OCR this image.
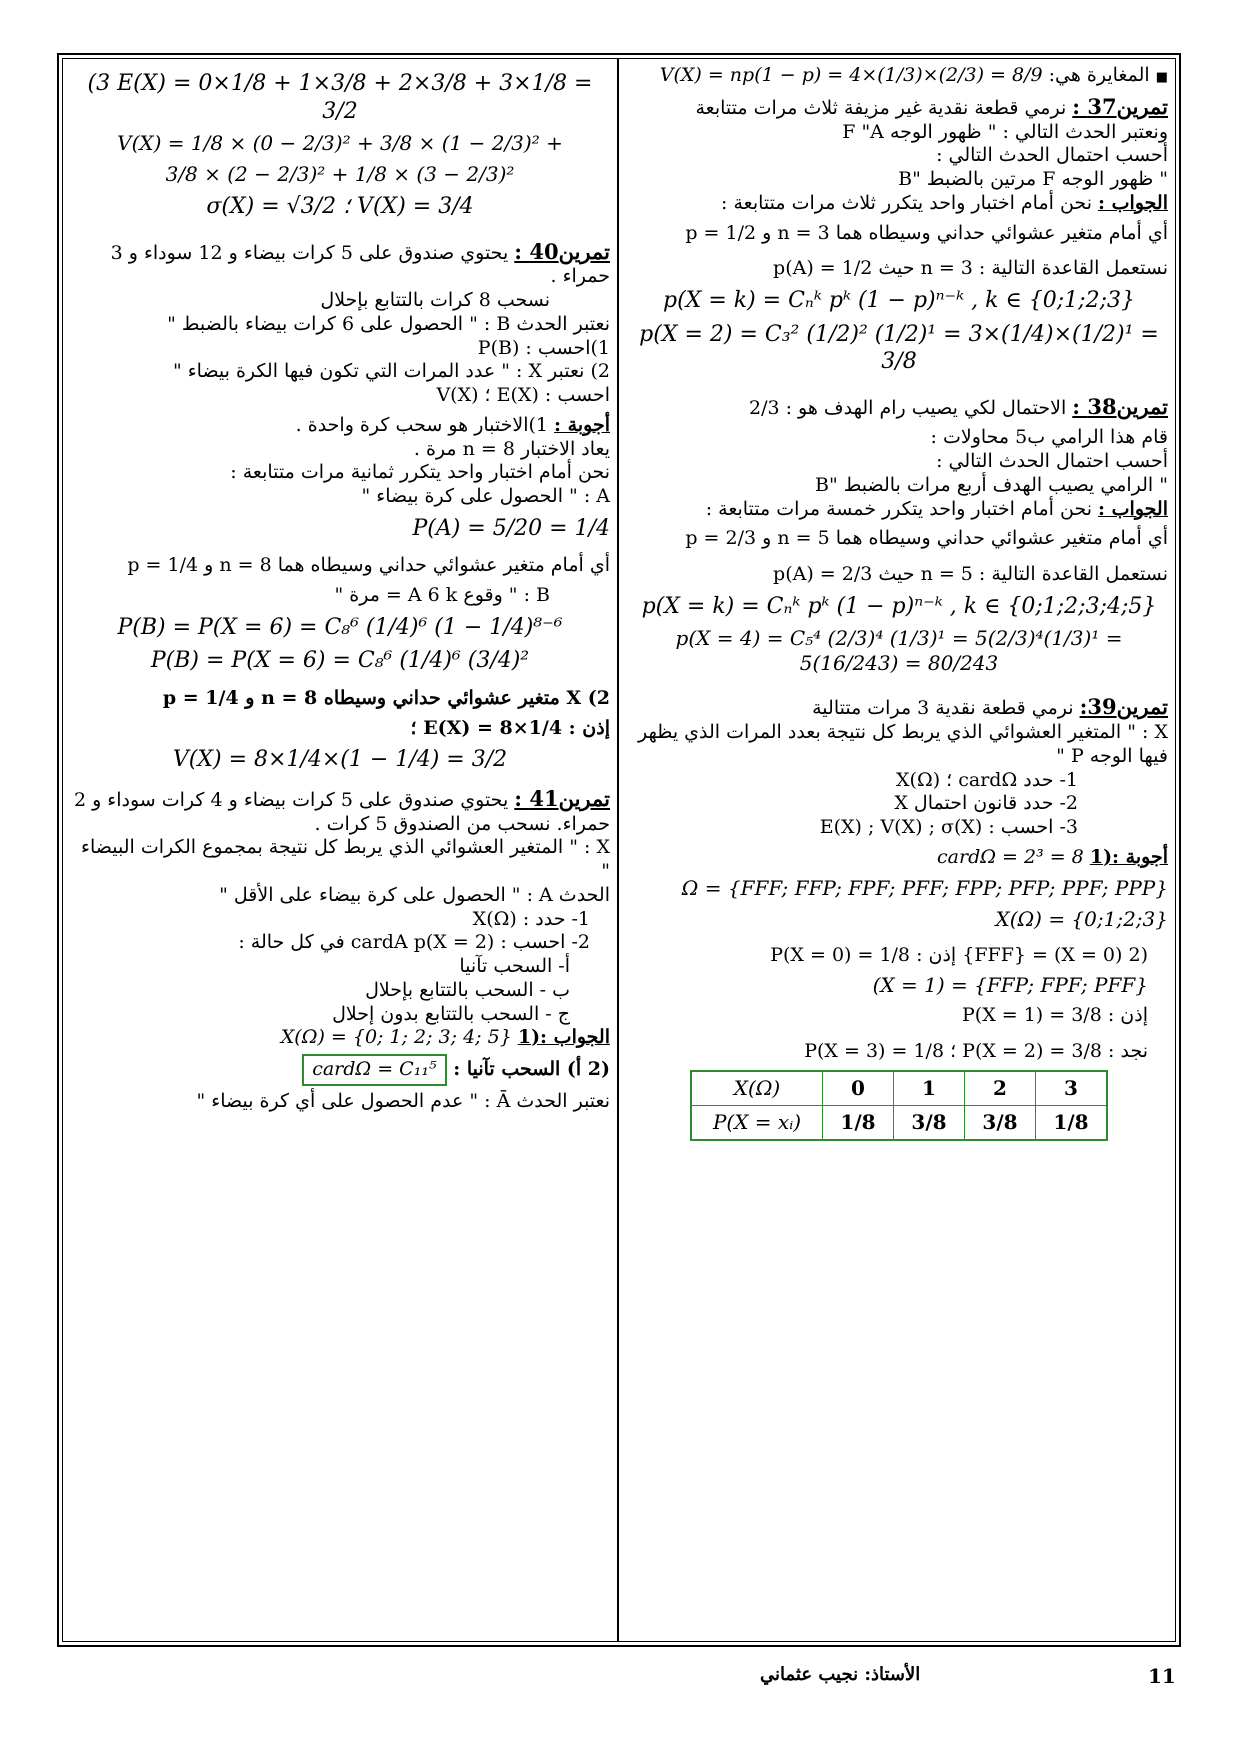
■ المغايرة هي: V(X) = np(1 − p) = 4×(1/3)×(2/3) = 8/9
تمرين37 : نرمي قطعة نقدية غير مزيفة ثلاث مرات متتابعة
ونعتبر الحدث التالي : " ظهور الوجه F "A
أحسب احتمال الحدث التالي :
" ظهور الوجه F مرتين بالضبط "B
الجواب : نحن أمام اختبار واحد يتكرر ثلاث مرات متتابعة :
أي أمام متغير عشوائي حداني وسيطاه هما n = 3 و p = 1/2
نستعمل القاعدة التالية : n = 3 حيث p(A) = 1/2
p(X = k) = Cₙᵏ pᵏ (1 − p)ⁿ⁻ᵏ , k ∈ {0;1;2;3}
p(X = 2) = C₃² (1/2)² (1/2)¹ = 3×(1/4)×(1/2)¹ = 3/8
تمرين38 : الاحتمال لكي يصيب رام الهدف هو : 2/3
قام هذا الرامي ب5 محاولات :
أحسب احتمال الحدث التالي :
" الرامي يصيب الهدف أربع مرات بالضبط "B
الجواب : نحن أمام اختبار واحد يتكرر خمسة مرات متتابعة :
أي أمام متغير عشوائي حداني وسيطاه هما n = 5 و p = 2/3
نستعمل القاعدة التالية : n = 5 حيث p(A) = 2/3
p(X = k) = Cₙᵏ pᵏ (1 − p)ⁿ⁻ᵏ , k ∈ {0;1;2;3;4;5}
p(X = 4) = C₅⁴ (2/3)⁴ (1/3)¹ = 5(2/3)⁴(1/3)¹ = 5(16/243) = 80/243
تمرين39: نرمي قطعة نقدية 3 مرات متتالية
X : " المتغير العشوائي الذي يربط كل نتيجة بعدد المرات الذي يظهر فيها الوجه P "
1- حدد cardΩ ؛ X(Ω)
2- حدد قانون احتمال X
3- احسب : E(X) ; V(X) ; σ(X)
أجوبة :(1 cardΩ = 2³ = 8
Ω = {FFF; FFP; FPF; PFF; FPP; PFP; PPF; PPP}
X(Ω) = {0;1;2;3}
(2 (X = 0) = {FFF} إذن : P(X = 0) = 1/8
(X = 1) = {FFP; FPF; PFF}
إذن : P(X = 1) = 3/8
نجد : P(X = 2) = 3/8 ؛ P(X = 3) = 1/8
X(Ω)	0	1	2	3
P(X = xᵢ)	1/8	3/8	3/8	1/8
(3 E(X) = 0×1/8 + 1×3/8 + 2×3/8 + 3×1/8 = 3/2
V(X) = 1/8 × (0 − 2/3)² + 3/8 × (1 − 2/3)² +
3/8 × (2 − 2/3)² + 1/8 × (3 − 2/3)²
σ(X) = √3/2 ؛ V(X) = 3/4
تمرين40 : يحتوي صندوق على 5 كرات بيضاء و 12 سوداء و 3 حمراء .
نسحب 8 كرات بالتتابع بإحلال
نعتبر الحدث B : " الحصول على 6 كرات بيضاء بالضبط "
1)احسب : P(B)
2) نعتبر X : " عدد المرات التي تكون فيها الكرة بيضاء "
احسب : E(X) ؛ V(X)
أجوبة : 1)الاختبار هو سحب كرة واحدة .
يعاد الاختبار n = 8 مرة .
نحن أمام اختبار واحد يتكرر ثمانية مرات متتابعة :
A : " الحصول على كرة بيضاء "
P(A) = 5/20 = 1/4
أي أمام متغير عشوائي حداني وسيطاه هما n = 8 و p = 1/4
B : " وقوع A 6 k = مرة "
P(B) = P(X = 6) = C₈⁶ (1/4)⁶ (1 − 1/4)⁸⁻⁶
P(B) = P(X = 6) = C₈⁶ (1/4)⁶ (3/4)²
X (2 متغير عشوائي حداني وسيطاه n = 8 و p = 1/4
إذن : E(X) = 8×1/4 ؛
V(X) = 8×1/4×(1 − 1/4) = 3/2
تمرين41 : يحتوي صندوق على 5 كرات بيضاء و 4 كرات سوداء و 2
حمراء. نسحب من الصندوق 5 كرات .
X : " المتغير العشوائي الذي يربط كل نتيجة بمجموع الكرات البيضاء "
الحدث A : " الحصول على كرة بيضاء على الأقل "
1- حدد : X(Ω)
2- احسب : cardA p(X = 2) في كل حالة :
أ- السحب تآنيا
ب - السحب بالتتابع بإحلال
ج - السحب بالتتابع بدون إحلال
الجواب :(1 X(Ω) = {0; 1; 2; 3; 4; 5}
(2 أ) السحب تآنيا : cardΩ = C₁₁⁵
نعتبر الحدث Ā : " عدم الحصول على أي كرة بيضاء "
11
الأستاذ: نجيب عثماني
